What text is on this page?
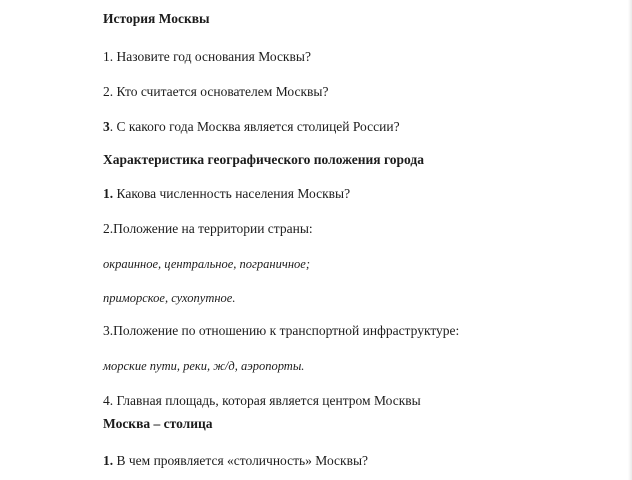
История Москвы
1. Назовите год основания Москвы?
2. Кто считается основателем Москвы?
3. С какого года Москва является столицей России?
Характеристика географического положения города
1. Какова численность населения Москвы?
2.Положение на территории страны:
окраинное, центральное, пограничное;
приморское, сухопутное.
3.Положение по отношению к транспортной инфраструктуре:
морские пути, реки, ж/д, аэропорты.
4. Главная площадь, которая является центром Москвы
Москва – столица
1. В чем проявляется «столичность» Москвы?
